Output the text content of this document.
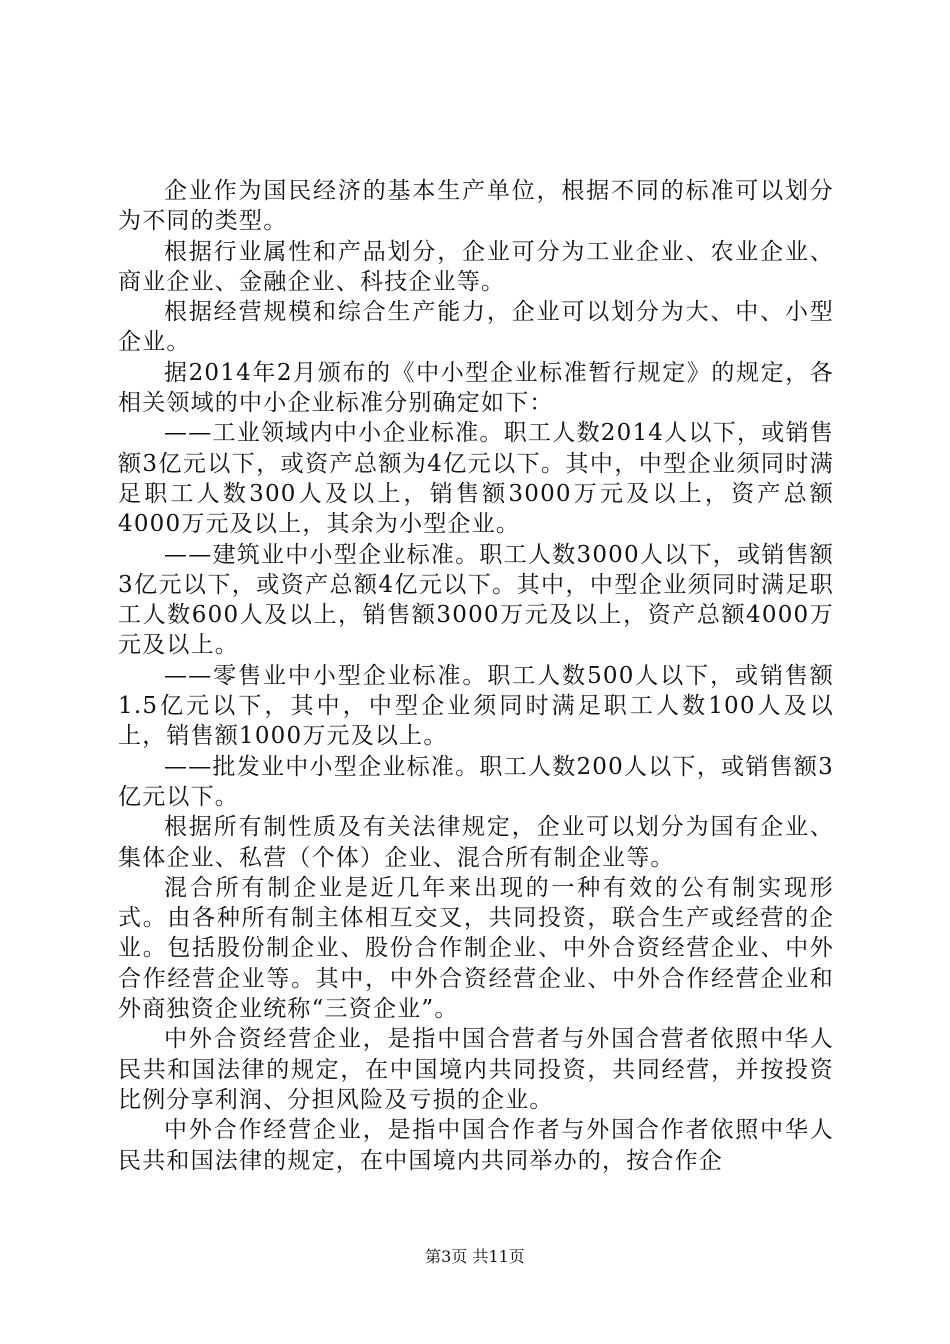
企业作为国民经济的基本生产单位，根据不同的标准可以划分为不同的类型。

根据行业属性和产品划分，企业可分为工业企业、农业企业、商业企业、金融企业、科技企业等。

根据经营规模和综合生产能力，企业可以划分为大、中、小型企业。

据2014年2月颁布的《中小型企业标准暂行规定》的规定，各相关领域的中小企业标准分别确定如下：

——工业领域内中小企业标准。职工人数2014人以下，或销售额3亿元以下，或资产总额为4亿元以下。其中，中型企业须同时满足职工人数300人及以上，销售额3000万元及以上，资产总额4000万元及以上，其余为小型企业。

——建筑业中小型企业标准。职工人数3000人以下，或销售额3亿元以下，或资产总额4亿元以下。其中，中型企业须同时满足职工人数600人及以上，销售额3000万元及以上，资产总额4000万元及以上。

——零售业中小型企业标准。职工人数500人以下，或销售额1.5亿元以下，其中，中型企业须同时满足职工人数100人及以上，销售额1000万元及以上。

——批发业中小型企业标准。职工人数200人以下，或销售额3亿元以下。

根据所有制性质及有关法律规定，企业可以划分为国有企业、集体企业、私营（个体）企业、混合所有制企业等。

混合所有制企业是近几年来出现的一种有效的公有制实现形式。由各种所有制主体相互交叉，共同投资，联合生产或经营的企业。包括股份制企业、股份合作制企业、中外合资经营企业、中外合作经营企业等。其中，中外合资经营企业、中外合作经营企业和外商独资企业统称“三资企业”。

中外合资经营企业，是指中国合营者与外国合营者依照中华人民共和国法律的规定，在中国境内共同投资，共同经营，并按投资比例分享利润、分担风险及亏损的企业。

中外合作经营企业，是指中国合作者与外国合作者依照中华人民共和国法律的规定，在中国境内共同举办的，按合作企

第3页 共11页
